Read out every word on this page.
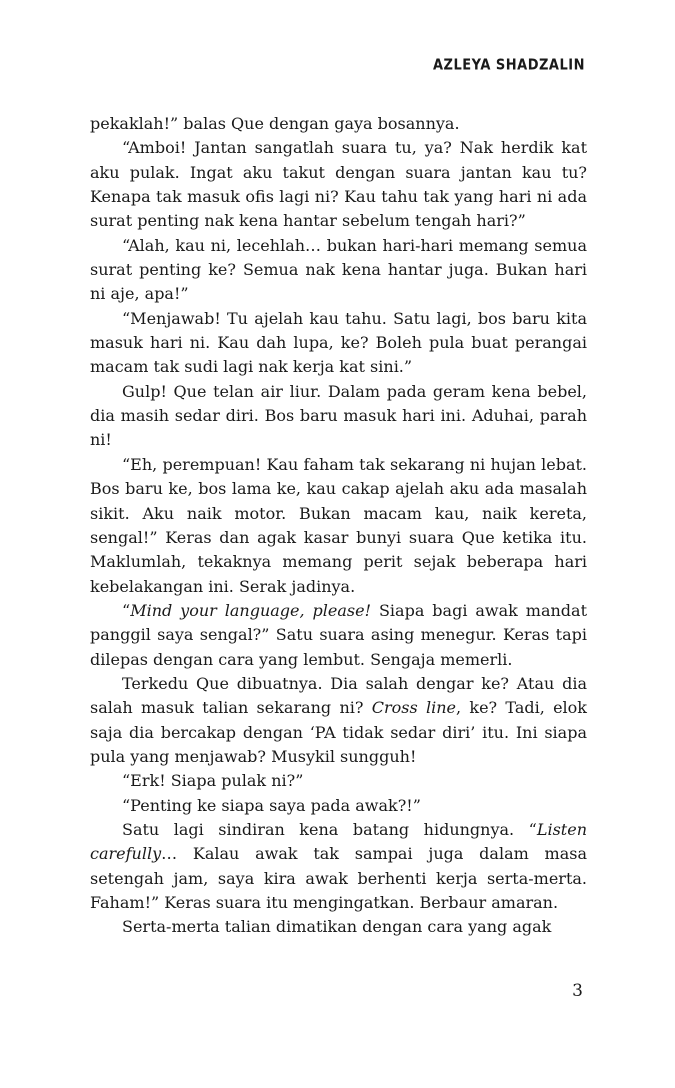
AZLEYA SHADZALIN

pekaklah!” balas Que dengan gaya bosannya.

“Amboi! Jantan sangatlah suara tu, ya? Nak herdik kat aku pulak. Ingat aku takut dengan suara jantan kau tu? Kenapa tak masuk ofis lagi ni? Kau tahu tak yang hari ni ada surat penting nak kena hantar sebelum tengah hari?”

“Alah, kau ni, lecehlah… bukan hari-hari memang semua surat penting ke? Semua nak kena hantar juga. Bukan hari ni aje, apa!”

“Menjawab! Tu ajelah kau tahu. Satu lagi, bos baru kita masuk hari ni. Kau dah lupa, ke? Boleh pula buat perangai macam tak sudi lagi nak kerja kat sini.”

Gulp! Que telan air liur. Dalam pada geram kena bebel, dia masih sedar diri. Bos baru masuk hari ini. Aduhai, parah ni!

“Eh, perempuan! Kau faham tak sekarang ni hujan lebat. Bos baru ke, bos lama ke, kau cakap ajelah aku ada masalah sikit. Aku naik motor. Bukan macam kau, naik kereta, sengal!” Keras dan agak kasar bunyi suara Que ketika itu. Maklumlah, tekaknya memang perit sejak beberapa hari kebelakangan ini. Serak jadinya.

“Mind your language, please! Siapa bagi awak mandat panggil saya sengal?” Satu suara asing menegur. Keras tapi dilepas dengan cara yang lembut. Sengaja memerli.

Terkedu Que dibuatnya. Dia salah dengar ke? Atau dia salah masuk talian sekarang ni? Cross line, ke? Tadi, elok saja dia bercakap dengan ‘PA tidak sedar diri’ itu. Ini siapa pula yang menjawab? Musykil sungguh!

“Erk! Siapa pulak ni?”

“Penting ke siapa saya pada awak?!”

Satu lagi sindiran kena batang hidungnya. “Listen carefully… Kalau awak tak sampai juga dalam masa setengah jam, saya kira awak berhenti kerja serta-merta. Faham!” Keras suara itu mengingatkan. Berbaur amaran.

Serta-merta talian dimatikan dengan cara yang agak

3
